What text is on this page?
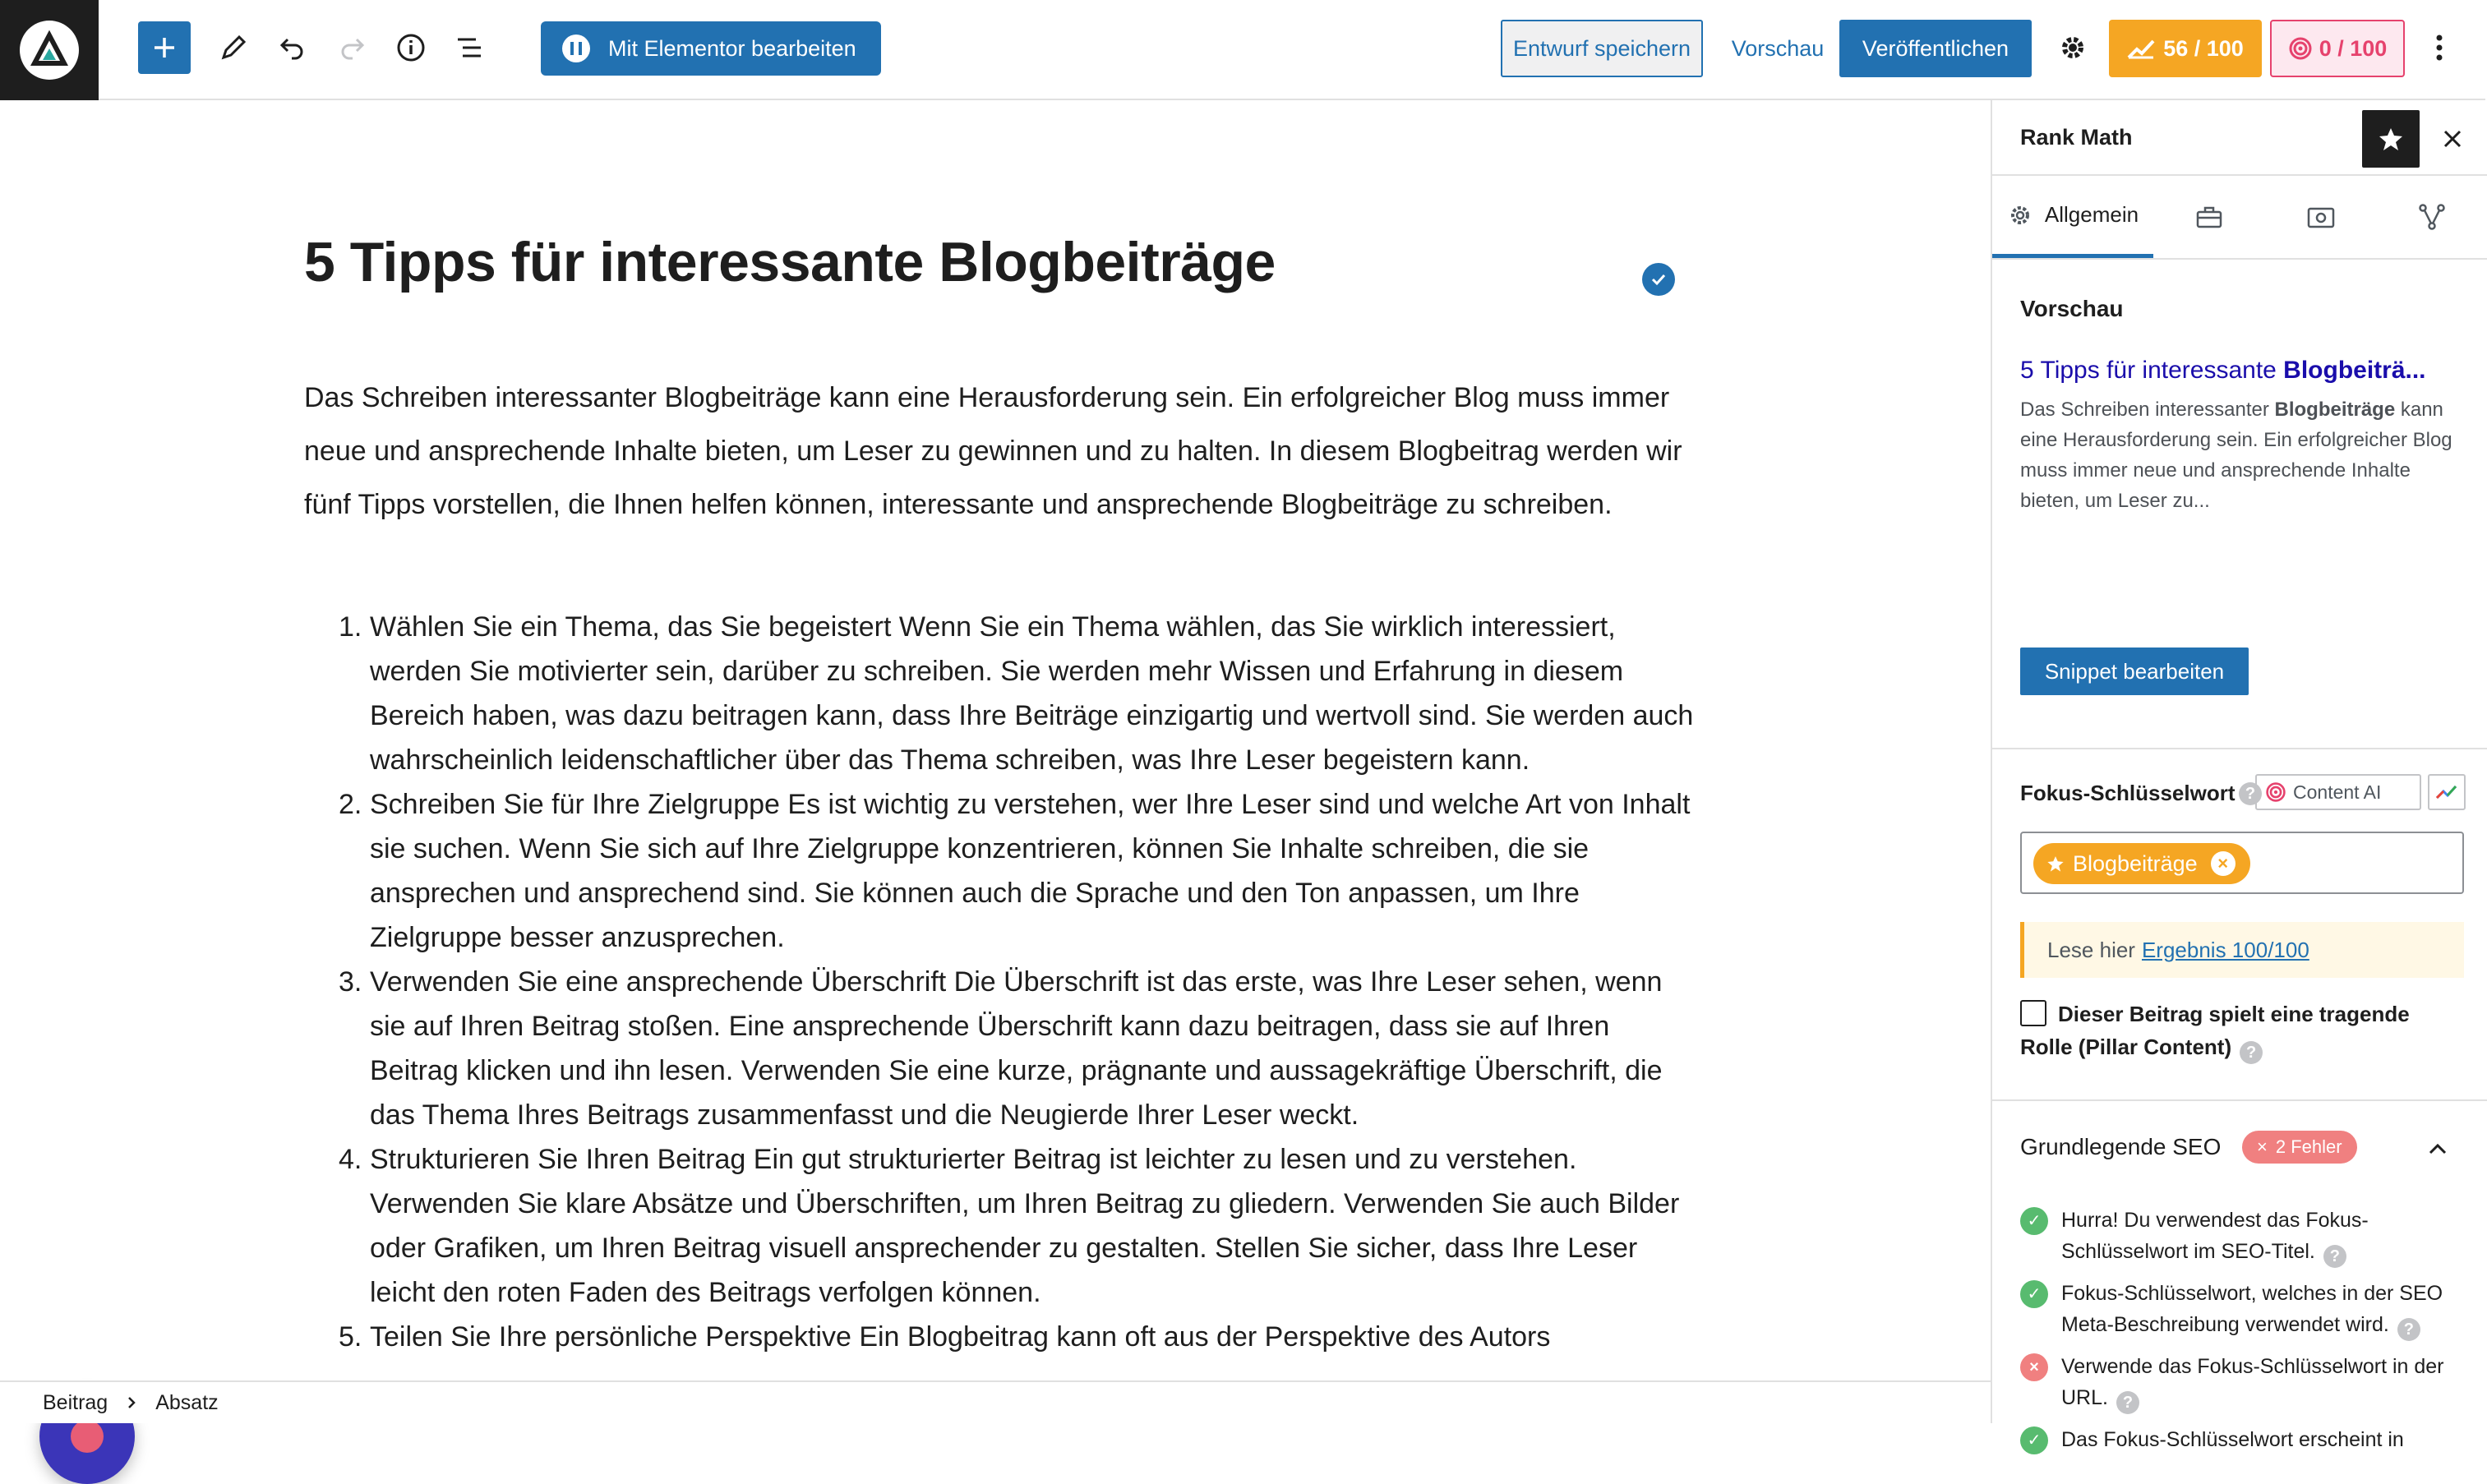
Mit Elementor bearbeiten	Entwurf speichern	Vorschau	Veröffentlichen	56 / 100	0 / 100
5 Tipps für interessante Blogbeiträge

Das Schreiben interessanter Blogbeiträge kann eine Herausforderung sein. Ein erfolgreicher Blog muss immer neue und ansprechende Inhalte bieten, um Leser zu gewinnen und zu halten. In diesem Blogbeitrag werden wir fünf Tipps vorstellen, die Ihnen helfen können, interessante und ansprechende Blogbeiträge zu schreiben.

1. Wählen Sie ein Thema, das Sie begeistert Wenn Sie ein Thema wählen, das Sie wirklich interessiert, werden Sie motivierter sein, darüber zu schreiben. Sie werden mehr Wissen und Erfahrung in diesem Bereich haben, was dazu beitragen kann, dass Ihre Beiträge einzigartig und wertvoll sind. Sie werden auch wahrscheinlich leidenschaftlicher über das Thema schreiben, was Ihre Leser begeistern kann.
2. Schreiben Sie für Ihre Zielgruppe Es ist wichtig zu verstehen, wer Ihre Leser sind und welche Art von Inhalt sie suchen. Wenn Sie sich auf Ihre Zielgruppe konzentrieren, können Sie Inhalte schreiben, die sie ansprechen und ansprechend sind. Sie können auch die Sprache und den Ton anpassen, um Ihre Zielgruppe besser anzusprechen.
3. Verwenden Sie eine ansprechende Überschrift Die Überschrift ist das erste, was Ihre Leser sehen, wenn sie auf Ihren Beitrag stoßen. Eine ansprechende Überschrift kann dazu beitragen, dass sie auf Ihren Beitrag klicken und ihn lesen. Verwenden Sie eine kurze, prägnante und aussagekräftige Überschrift, die das Thema Ihres Beitrags zusammenfasst und die Neugierde Ihrer Leser weckt.
4. Strukturieren Sie Ihren Beitrag Ein gut strukturierter Beitrag ist leichter zu lesen und zu verstehen. Verwenden Sie klare Absätze und Überschriften, um Ihren Beitrag zu gliedern. Verwenden Sie auch Bilder oder Grafiken, um Ihren Beitrag visuell ansprechender zu gestalten. Stellen Sie sicher, dass Ihre Leser leicht den roten Faden des Beitrags verfolgen können.
5. Teilen Sie Ihre persönliche Perspektive Ein Blogbeitrag kann oft aus der Perspektive des Autors
Beitrag Absatz
Rank Math
Allgemein
Vorschau
5 Tipps für interessante Blogbeiträ...
Das Schreiben interessanter Blogbeiträge kann eine Herausforderung sein. Ein erfolgreicher Blog muss immer neue und ansprechende Inhalte bieten, um Leser zu...
Snippet bearbeiten
Fokus-Schlüsselwort ?	Content AI
Blogbeiträge	×
Lese hier Ergebnis 100/100
Dieser Beitrag spielt eine tragende Rolle (Pillar Content) ?
Grundlegende SEO × 2 Fehler
✓ Hurra! Du verwendest das Fokus-Schlüsselwort im SEO-Titel. ?
✓ Fokus-Schlüsselwort, welches in der SEO Meta-Beschreibung verwendet wird. ?
×	Verwende das Fokus-Schlüsselwort in der URL. ?
✓ Das Fokus-Schlüsselwort erscheint in
